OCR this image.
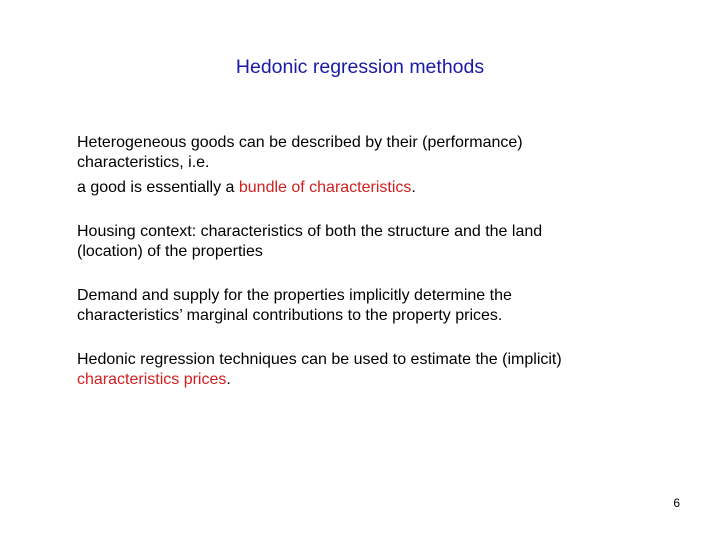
Hedonic regression methods
Heterogeneous goods can be described by their (performance)
characteristics, i.e.
a good is essentially a bundle of characteristics.
Housing context: characteristics of both the structure and the land
(location) of the properties
Demand and supply for the properties implicitly determine the
characteristics’ marginal contributions to the property prices.
Hedonic regression techniques can be used to estimate the (implicit)
characteristics prices.
6
